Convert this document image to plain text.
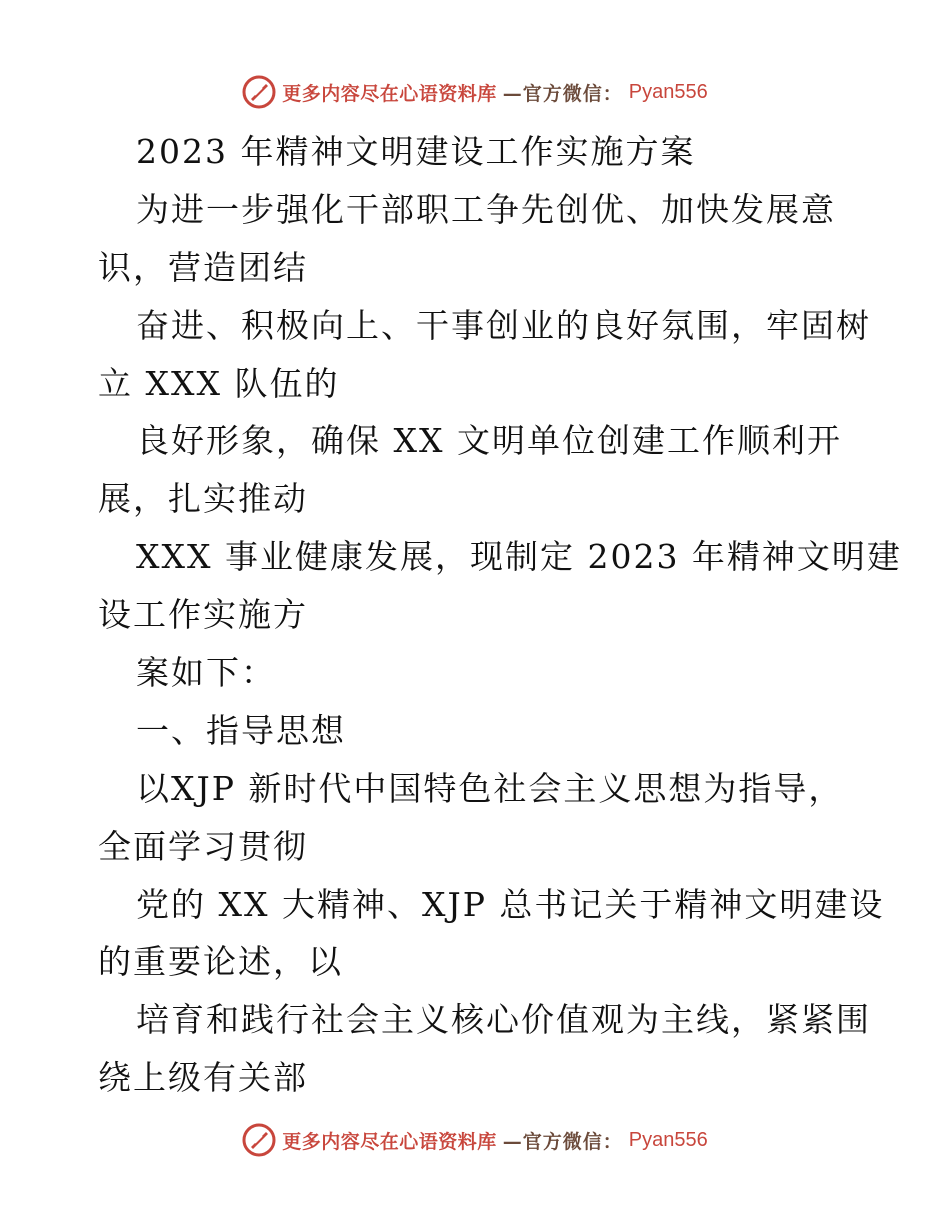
更多内容尽在心语资料库 —官方微信： Pyan556
2023 年精神文明建设工作实施方案
为进一步强化干部职工争先创优、加快发展意
识，营造团结
奋进、积极向上、干事创业的良好氛围，牢固树
立 XXX 队伍的
良好形象，确保 XX 文明单位创建工作顺利开
展，扎实推动
XXX 事业健康发展，现制定 2023 年精神文明建
设工作实施方
案如下：
一、指导思想
以XJP 新时代中国特色社会主义思想为指导，
全面学习贯彻
党的 XX 大精神、XJP 总书记关于精神文明建设
的重要论述，以
培育和践行社会主义核心价值观为主线，紧紧围
绕上级有关部
更多内容尽在心语资料库 —官方微信： Pyan556
